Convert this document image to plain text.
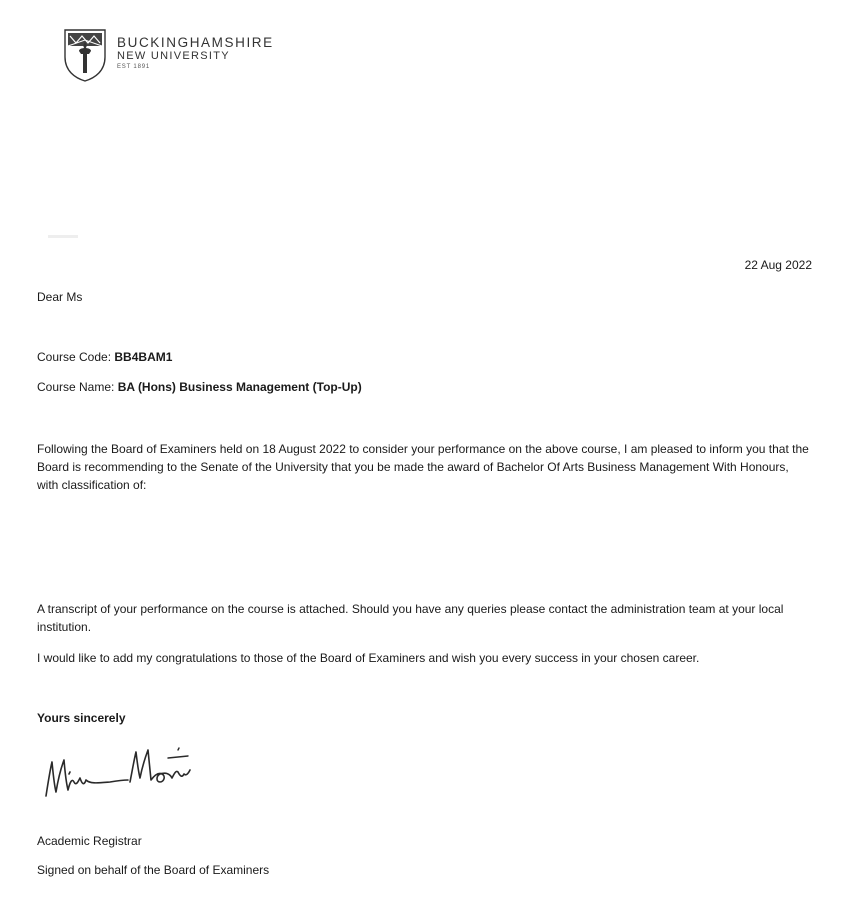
BUCKINGHAMSHIRE
NEW UNIVERSITY
EST 1891
22 Aug 2022
Dear Ms
Course Code: BB4BAM1
Course Name: BA (Hons) Business Management (Top-Up)
Following the Board of Examiners held on 18 August 2022 to consider your performance on the above course, I am pleased to inform you that the Board is recommending to the Senate of the University that you be made the award of Bachelor Of Arts Business Management With Honours, with classification of:
A transcript of your performance on the course is attached. Should you have any queries please contact the administration team at your local institution.
I would like to add my congratulations to those of the Board of Examiners and wish you every success in your chosen career.
Yours sincerely
Academic Registrar
Signed on behalf of the Board of Examiners
